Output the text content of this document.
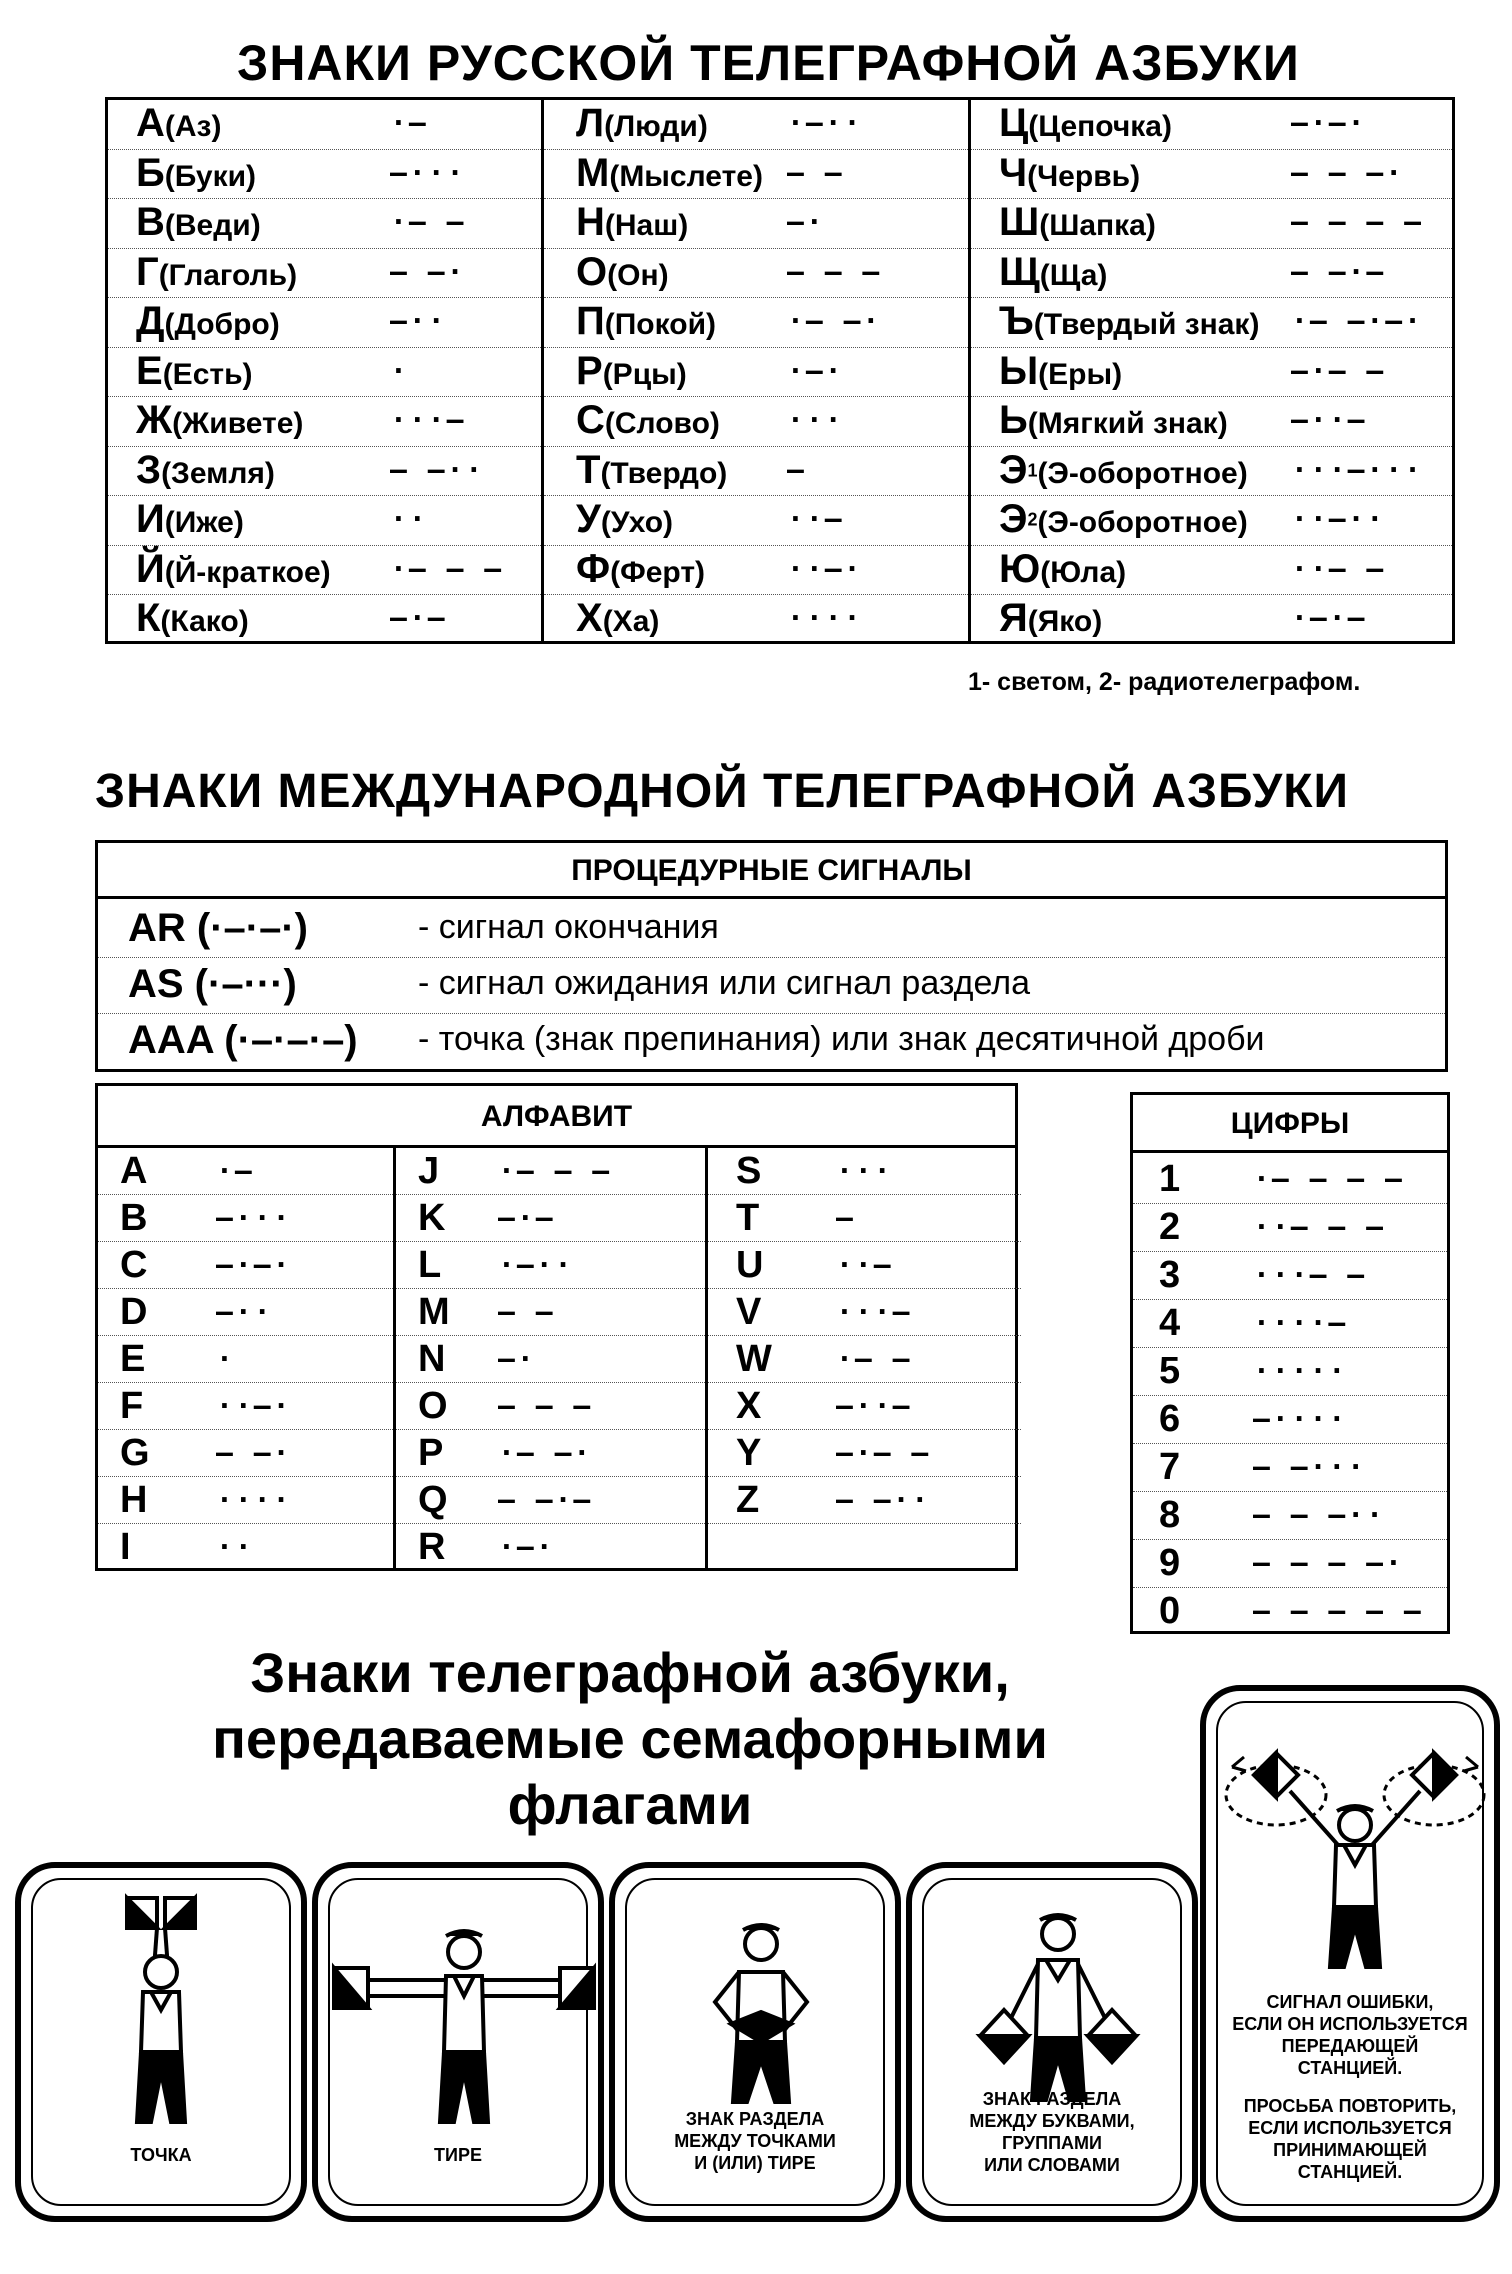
ЗНАКИ РУССКОЙ ТЕЛЕГРАФНОЙ АЗБУКИ
А(Аз)	·–
Б(Буки)	–···
В(Веди)	·– –
Г(Глаголь)	– –·
Д(Добро)	–··
Е(Есть)	·
Ж(Живете)	···–
З(Земля)	– –··
И(Иже)	··
Й(Й-краткое) ·– – –
К(Како)	–·–
Л(Люди)	·–··
М(Мыслете) – –
Н(Наш)	–·
О(Он)	– – –
П(Покой)	·– –·
Р(Рцы)	·–·
С(Слово) ···
Т(Твердо) –
У(Ухо)	··–
Ф(Ферт)	··–·
Х(Ха)	····
Ц(Цепочка)	–·–·
Ч(Червь)	– – –·
Ш(Шапка)	– – – –
Щ(Ща)	– –·–
Ъ(Твердый знак) ·– –·–·
Ы(Еры)	–·– –
Ь(Мягкий знак) –··–
Э1(Э-оборотное) ···–···
Э2(Э-оборотное) ··–··
Ю(Юла)	··– –
Я(Яко)	·–·–
1- светом, 2- радиотелеграфом.
ЗНАКИ МЕЖДУНАРОДНОЙ ТЕЛЕГРАФНОЙ АЗБУКИ
ПРОЦЕДУРНЫЕ СИГНАЛЫ
AR (·–·–·)	- сигнал окончания
AS (·–···)	- сигнал ожидания или сигнал раздела
AAA (·–·–·–) - точка (знак препинания) или знак десятичной дроби
АЛФАВИТ
A ·–
B –···
C –·–·
D –··
E	·
F	··–·
G – –·
H ····
I	··
J ·– – –
K –·–
L ·–··
M – –
N –·
O – – –
P ·– –·
Q – –·–
R ·–·
S	···
T	–
U	··–
V	···–
W ·– –
X	–··–
Y	–·– –
Z	– –··
ЦИФРЫ
1	·– – – –
2	··– – –
3	···– –
4	····–
5	·····
6	–····
7	– –···
8	– – –··
9	– – – –·
0	– – – – –
Знаки телеграфной азбуки,
передаваемые семафорными
флагами
ТОЧКА	ТИРЕ
ЗНАК РАЗДЕЛА
МЕЖДУ ТОЧКАМИ
И (ИЛИ) ТИРЕ
ЗНАК РАЗДЕЛА
МЕЖДУ БУКВАМИ,
ГРУППАМИ
ИЛИ СЛОВАМИ
СИГНАЛ ОШИБКИ,
ЕСЛИ ОН ИСПОЛЬЗУЕТСЯ
ПЕРЕДАЮЩЕЙ
СТАНЦИЕЙ.
ПРОСЬБА ПОВТОРИТЬ,
ЕСЛИ ИСПОЛЬЗУЕТСЯ
ПРИНИМАЮЩЕЙ
СТАНЦИЕЙ.
